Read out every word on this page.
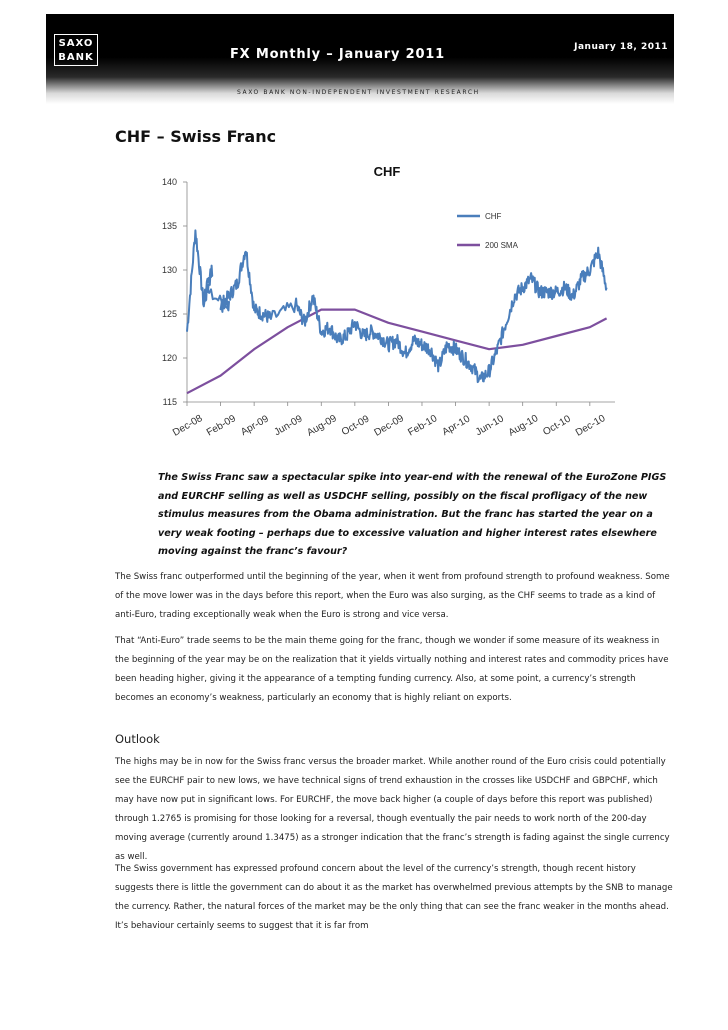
SAXO
BANK
January 18, 2011
FX Monthly – January 2011
SAXO BANK NON-INDEPENDENT INVESTMENT RESEARCH
CHF – Swiss Franc
CHF
140
135
130
125
120
115
Dec-08 Feb-09 Apr-09 Jun-09 Aug-09 Oct-09 Dec-09 Feb-10 Apr-10 Jun-10 Aug-10 Oct-10 Dec-10
CHF
200 SMA

The Swiss Franc saw a spectacular spike into year-end with the renewal of the EuroZone PIGS and EURCHF selling as well as USDCHF selling, possibly on the fiscal profligacy of the new stimulus measures from the Obama administration. But the franc has started the year on a very weak footing – perhaps due to excessive valuation and higher interest rates elsewhere moving against the franc’s favour?

The Swiss franc outperformed until the beginning of the year, when it went from profound strength to profound weakness. Some of the move lower was in the days before this report, when the Euro was also surging, as the CHF seems to trade as a kind of anti-Euro, trading exceptionally weak when the Euro is strong and vice versa.

That “Anti-Euro” trade seems to be the main theme going for the franc, though we wonder if some measure of its weakness in the beginning of the year may be on the realization that it yields virtually nothing and interest rates and commodity prices have been heading higher, giving it the appearance of a tempting funding currency. Also, at some point, a currency’s strength becomes an economy’s weakness, particularly an economy that is highly reliant on exports.

Outlook

The highs may be in now for the Swiss franc versus the broader market. While another round of the Euro crisis could potentially see the EURCHF pair to new lows, we have technical signs of trend exhaustion in the crosses like USDCHF and GBPCHF, which may have now put in significant lows. For EURCHF, the move back higher (a couple of days before this report was published) through 1.2765 is promising for those looking for a reversal, though eventually the pair needs to work north of the 200-day moving average (currently around 1.3475) as a stronger indication that the franc’s strength is fading against the single currency as well.

The Swiss government has expressed profound concern about the level of the currency’s strength, though recent history suggests there is little the government can do about it as the market has overwhelmed previous attempts by the SNB to manage the currency. Rather, the natural forces of the market may be the only thing that can see the franc weaker in the months ahead. It’s behaviour certainly seems to suggest that it is far from
